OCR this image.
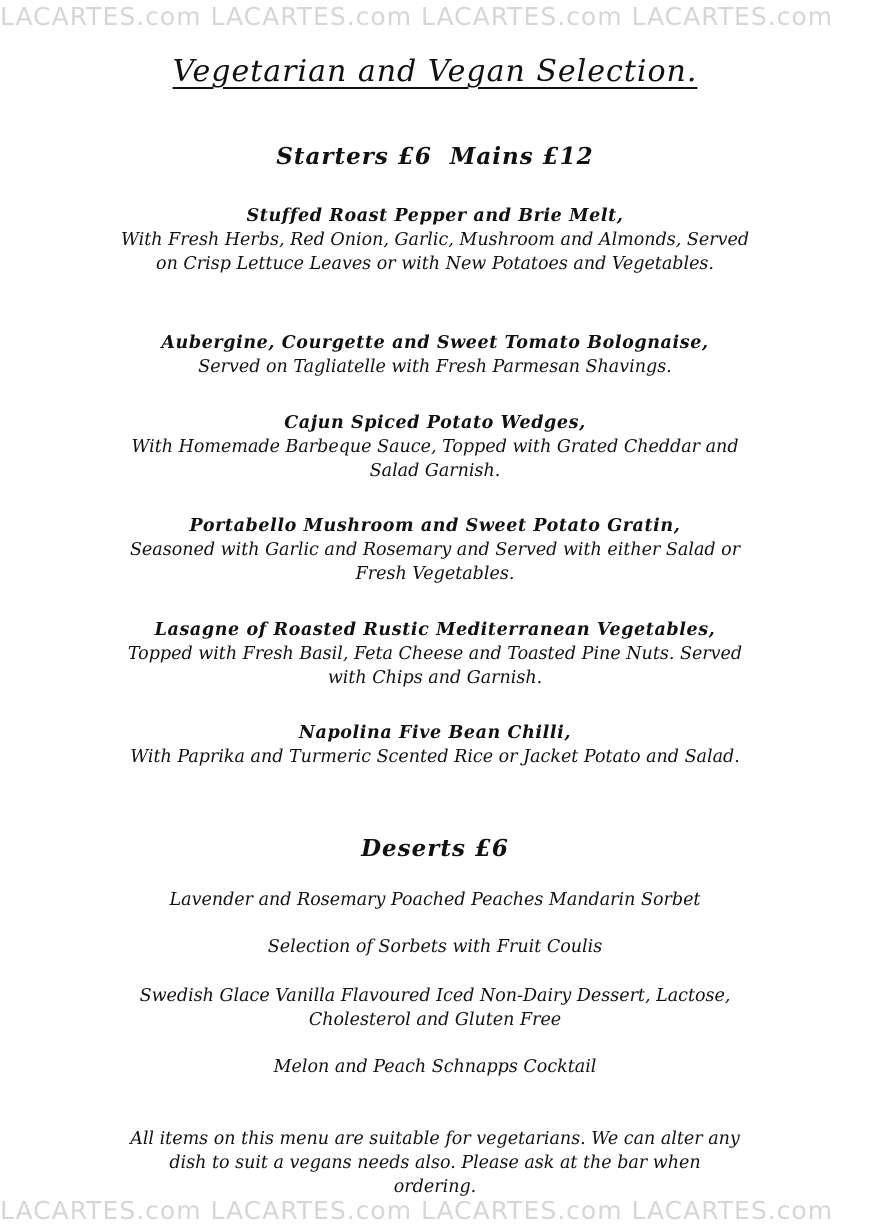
LACARTES.com LACARTES.com LACARTES.com LACARTES.com
Vegetarian and Vegan Selection.
Starters £6 Mains £12
Stuffed Roast Pepper and Brie Melt,
With Fresh Herbs, Red Onion, Garlic, Mushroom and Almonds, Served on Crisp Lettuce Leaves or with New Potatoes and Vegetables.
Aubergine, Courgette and Sweet Tomato Bolognaise,
Served on Tagliatelle with Fresh Parmesan Shavings.
Cajun Spiced Potato Wedges,
With Homemade Barbeque Sauce, Topped with Grated Cheddar and Salad Garnish.
Portabello Mushroom and Sweet Potato Gratin,
Seasoned with Garlic and Rosemary and Served with either Salad or Fresh Vegetables.
Lasagne of Roasted Rustic Mediterranean Vegetables,
Topped with Fresh Basil, Feta Cheese and Toasted Pine Nuts. Served with Chips and Garnish.
Napolina Five Bean Chilli,
With Paprika and Turmeric Scented Rice or Jacket Potato and Salad.
Deserts £6
Lavender and Rosemary Poached Peaches Mandarin Sorbet
Selection of Sorbets with Fruit Coulis
Swedish Glace Vanilla Flavoured Iced Non-Dairy Dessert, Lactose, Cholesterol and Gluten Free
Melon and Peach Schnapps Cocktail
All items on this menu are suitable for vegetarians. We can alter any dish to suit a vegans needs also. Please ask at the bar when ordering.
LACARTES.com LACARTES.com LACARTES.com LACARTES.com
